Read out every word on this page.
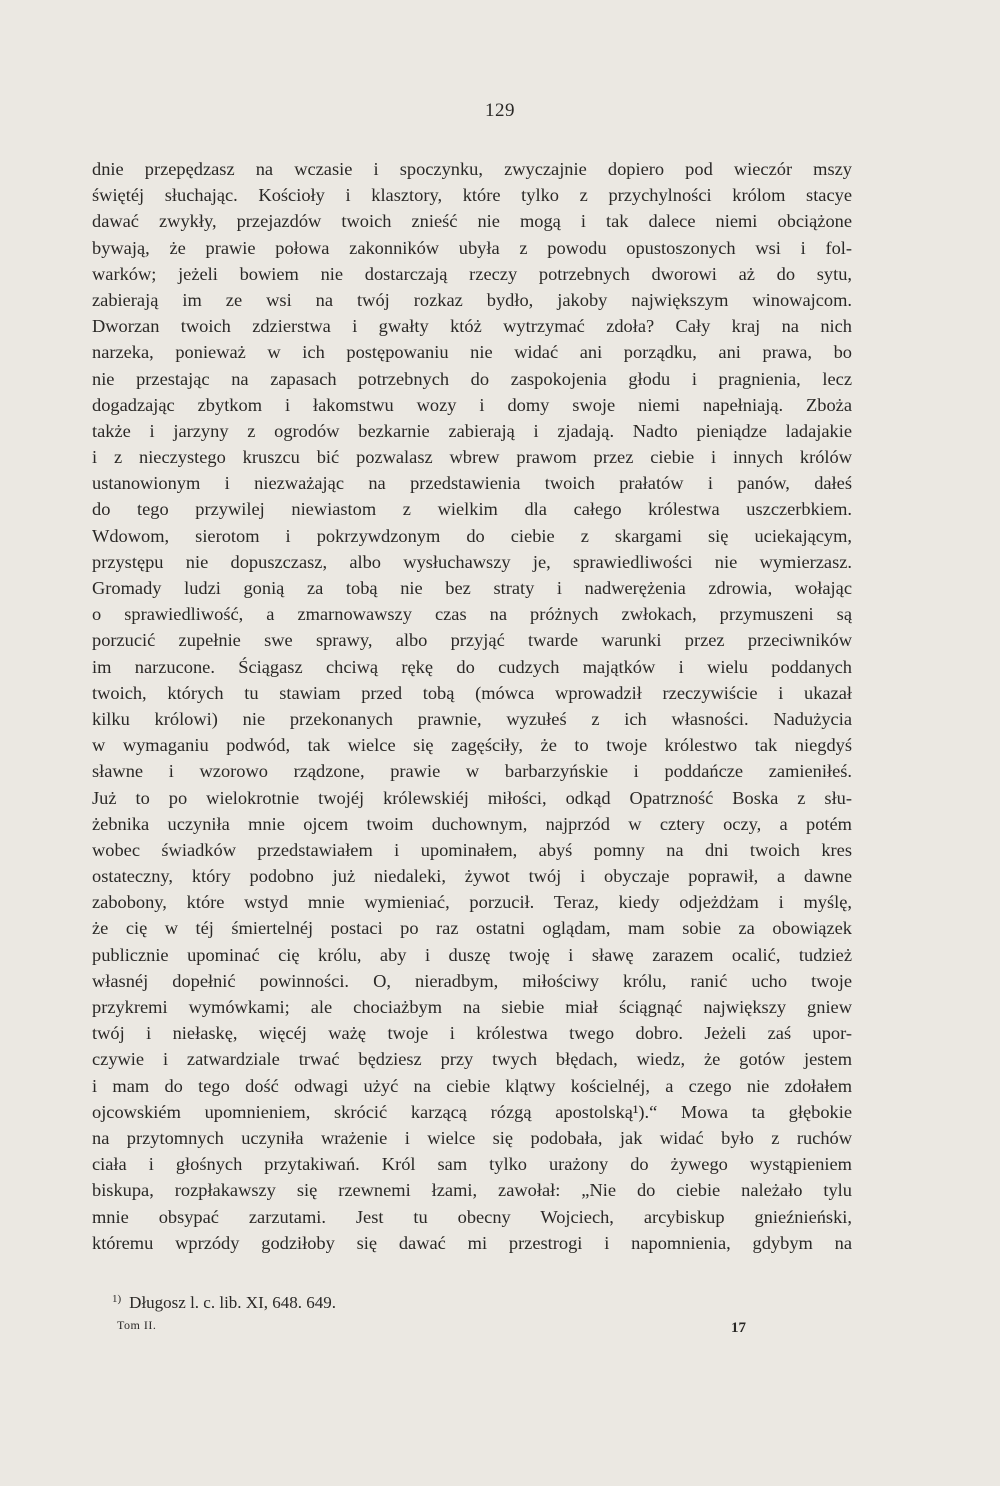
129
dnie przepędzasz na wczasie i spoczynku, zwyczajnie dopiero pod wieczór mszy
świętéj słuchając. Kościoły i klasztory, które tylko z przychylności królom stacye
dawać zwykły, przejazdów twoich znieść nie mogą i tak dalece niemi obciążone
bywają, że prawie połowa zakonników ubyła z powodu opustoszonych wsi i fol-
warków; jeżeli bowiem nie dostarczają rzeczy potrzebnych dworowi aż do sytu,
zabierają im ze wsi na twój rozkaz bydło, jakoby największym winowajcom.
Dworzan twoich zdzierstwa i gwałty któż wytrzymać zdoła? Cały kraj na nich
narzeka, ponieważ w ich postępowaniu nie widać ani porządku, ani prawa, bo
nie przestając na zapasach potrzebnych do zaspokojenia głodu i pragnienia, lecz
dogadzając zbytkom i łakomstwu wozy i domy swoje niemi napełniają. Zboża
także i jarzyny z ogrodów bezkarnie zabierają i zjadają. Nadto pieniądze ladajakie
i z nieczystego kruszcu bić pozwalasz wbrew prawom przez ciebie i innych królów
ustanowionym i niezważając na przedstawienia twoich prałatów i panów, dałeś
do tego przywilej niewiastom z wielkim dla całego królestwa uszczerbkiem.
Wdowom, sierotom i pokrzywdzonym do ciebie z skargami się uciekającym,
przystępu nie dopuszczasz, albo wysłuchawszy je, sprawiedliwości nie wymierzasz.
Gromady ludzi gonią za tobą nie bez straty i nadwerężenia zdrowia, wołając
o sprawiedliwość, a zmarnowawszy czas na próżnych zwłokach, przymuszeni są
porzucić zupełnie swe sprawy, albo przyjąć twarde warunki przez przeciwników
im narzucone. Ściągasz chciwą rękę do cudzych majątków i wielu poddanych
twoich, których tu stawiam przed tobą (mówca wprowadził rzeczywiście i ukazał
kilku królowi) nie przekonanych prawnie, wyzułeś z ich własności. Nadużycia
w wymaganiu podwód, tak wielce się zagęściły, że to twoje królestwo tak niegdyś
sławne i wzorowo rządzone, prawie w barbarzyńskie i poddańcze zamieniłeś.
Już to po wielokrotnie twojéj królewskiéj miłości, odkąd Opatrzność Boska z słu-
żebnika uczyniła mnie ojcem twoim duchownym, najprzód w cztery oczy, a potém
wobec świadków przedstawiałem i upominałem, abyś pomny na dni twoich kres
ostateczny, który podobno już niedaleki, żywot twój i obyczaje poprawił, a dawne
zabobony, które wstyd mnie wymieniać, porzucił. Teraz, kiedy odjeżdżam i myślę,
że cię w téj śmiertelnéj postaci po raz ostatni oglądam, mam sobie za obowiązek
publicznie upominać cię królu, aby i duszę twoję i sławę zarazem ocalić, tudzież
własnéj dopełnić powinności. O, nieradbym, miłościwy królu, ranić ucho twoje
przykremi wymówkami; ale chociażbym na siebie miał ściągnąć największy gniew
twój i niełaskę, więcéj ważę twoje i królestwa twego dobro. Jeżeli zaś upor-
czywie i zatwardziale trwać będziesz przy twych błędach, wiedz, że gotów jestem
i mam do tego dość odwagi użyć na ciebie klątwy kościelnéj, a czego nie zdołałem
ojcowskiém upomnieniem, skrócić karzącą rózgą apostolską¹).“ Mowa ta głębokie
na przytomnych uczyniła wrażenie i wielce się podobała, jak widać było z ruchów
ciała i głośnych przytakiwań. Król sam tylko urażony do żywego wystąpieniem
biskupa, rozpłakawszy się rzewnemi łzami, zawołał: „Nie do ciebie należało tylu
mnie obsypać zarzutami. Jest tu obecny Wojciech, arcybiskup gnieźnieński,
któremu wprzódy godziłoby się dawać mi przestrogi i napomnienia, gdybym na
$^{1)}$ Długosz l. c. lib. XI, 648. 649.
Tom II.	17
